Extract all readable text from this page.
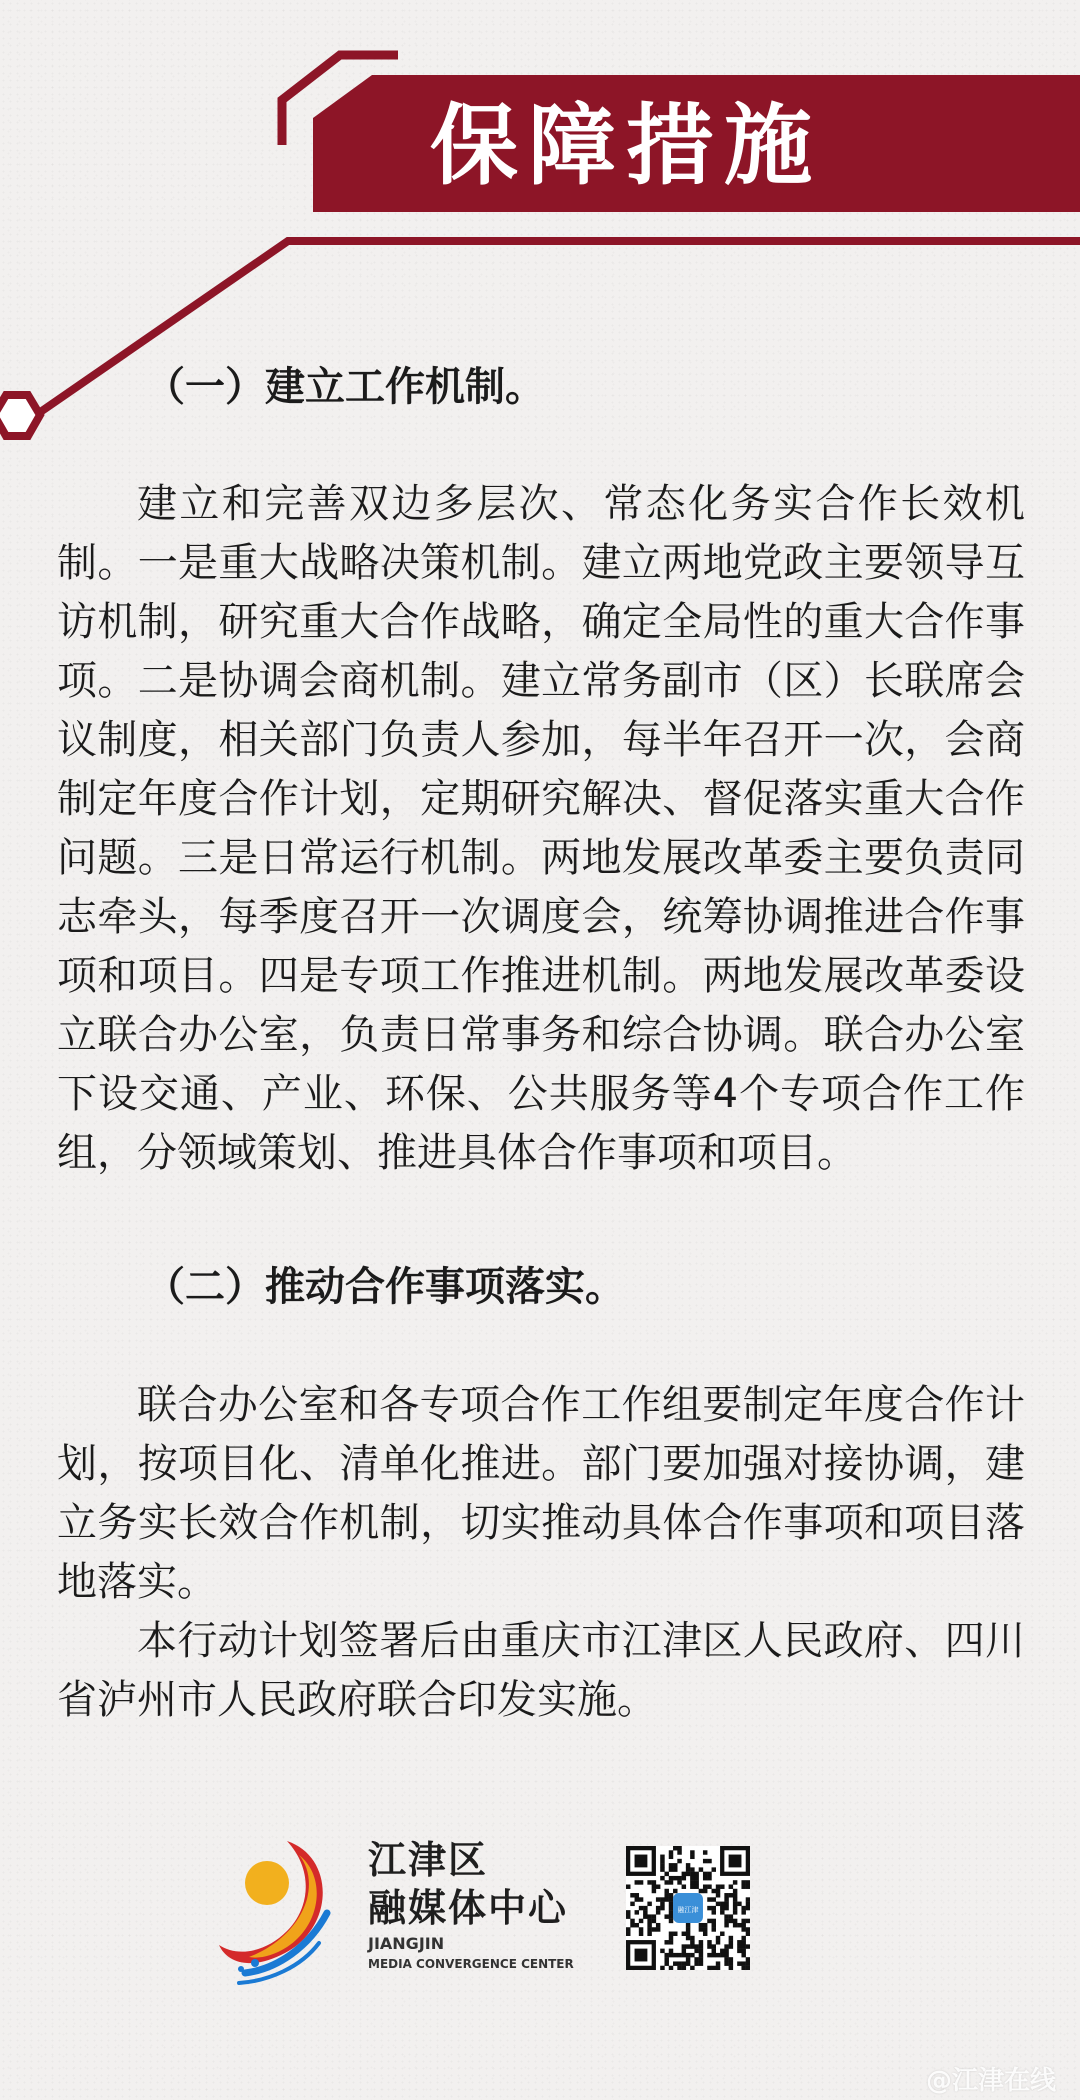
保障措施
（一）建立工作机制。

建立和完善双边多层次、常态化务实合作长效机制。一是重大战略决策机制。建立两地党政主要领导互访机制，研究重大合作战略，确定全局性的重大合作事项。二是协调会商机制。建立常务副市（区）长联席会议制度，相关部门负责人参加，每半年召开一次，会商制定年度合作计划，定期研究解决、督促落实重大合作问题。三是日常运行机制。两地发展改革委主要负责同志牵头，每季度召开一次调度会，统筹协调推进合作事项和项目。四是专项工作推进机制。两地发展改革委设立联合办公室，负责日常事务和综合协调。联合办公室下设交通、产业、环保、公共服务等4个专项合作工作组，分领域策划、推进具体合作事项和项目。

（二）推动合作事项落实。

联合办公室和各专项合作工作组要制定年度合作计划，按项目化、清单化推进。部门要加强对接协调，建立务实长效合作机制，切实推动具体合作事项和项目落地落实。

本行动计划签署后由重庆市江津区人民政府、四川省泸州市人民政府联合印发实施。

江津区
融媒体中心
JIANGJIN
MEDIA CONVERGENCE CENTER
融江津
@江津在线
